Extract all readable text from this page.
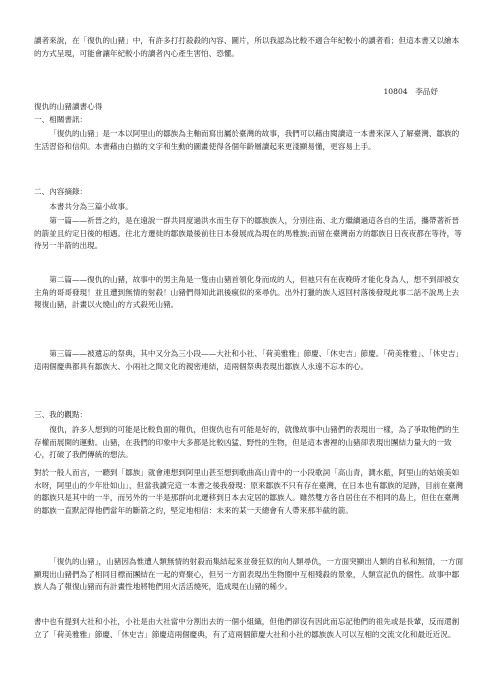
讀者來說，在「復仇的山豬」中，有許多打打殺殺的內容、圖片，所以我認為比較不適合年紀較小的讀者看；但這本書又以繪本的方式呈現，可能會讓年紀較小的讀者內心產生害怕、恐懼。

10804　李品妤

復仇的山豬讀書心得

一、相關書訊：

「復仇的山豬」是一本以阿里山的鄒族為主軸而寫出屬於臺灣的故事，我們可以藉由閱讀這一本書來深入了解臺灣、鄒族的生活習俗和信仰。本書藉由白描的文字和生動的圖畫使得各個年齡層讀起來更淺顯易懂，更容易上手。

二、內容摘錄：

本書共分為三篇小故事。

第一篇——祈晉之約，是在遠說一群共同度過洪水而生存下的鄒族族人，分別往南、北方繼續過這各自的生活，攜帶著祈晉的箭並且約定日後的相遇。往北方遷徙的鄒族最後前往日本發展成為現在的馬雅族;而留在臺灣南方的鄒族日日夜夜都在等待，等待另一半箭的出現。

第二篇——復仇的山豬，故事中的男主角是一隻由山豬首領化身而成的人，但祂只有在夜晚時才能化身為人，想不到卻被女主角的哥哥發現！並且遭到無情的射殺！山豬們得知此訊後瘋似的來尋仇。出外打獵的族人返回村落後發現此事二話不說馬上去報復山豬，計畫以火燒山的方式殺死山豬。

第三篇——被遺忘的祭典，其中又分為三小段——大社和小社、「荷美雅雅」節慶、「休史吉」節慶。「荷美雅雅」、「休史吉」這兩個慶典都具有鄒族大、小兩社之間文化的親密連結，這兩個祭典表現出鄒族人永遠不忘本的心。

三、我的觀點：

復仇，許多人想到的可能是比較負面的報仇，但復仇也有可能是好的，就像故事中山豬們的表現出一樣，為了爭取牠們的生存權而展開的運動。山豬，在我們的印象中大多都是比較凶猛、野性的生物，但是這本書裡的山豬卻表現出團結力量大的一致心，打破了我們傳統的想法。

對於一般人而言，一聽到「鄒族」就會連想到阿里山甚至想到歌曲高山青中的一小段歌詞「高山青，澗水藍，阿里山的姑娘美如水呀，阿里山的少年壯如山」，但當我讀完這一本書之後我發現：原來鄒族不只有存在臺灣，在日本也有鄒族的足跡，目前在臺灣的鄒族只是其中的一半，而另外的一半是那群向北遷移到日本去定居的鄒族人。雖然雙方各自居住在不相同的島上，但住在臺灣的鄒族一直默記得他們當年的斷箭之約，堅定地相信：未來的某一天總會有人帶來那半截的箭。

「復仇的山豬」，山豬因為惟遭人類無情的射殺而集結起來並發狂似的向人類尋仇，一方面突顯出人類的自私和無情，一方面顯現出山豬們為了相同目標而團結在一起的齊聚心，但另一方面表現出生物圈中互相殘殺的景象，人類宣記仇的個性。故事中鄒族人為了報復山豬而有計畫性地將牠們用火活活燒死，造成現在山豬的稀少。

書中也有提到大社和小社，小社是由大社當中分割出去的一個小組織，但他們卻沒有因此而忘記他們的祖先或是長輩，反而還創立了「荷美雅雅」節慶、「休史吉」節慶這兩個慶典，有了這兩個節慶大社和小社的鄒族族人可以互相的交流文化和最近近況。
